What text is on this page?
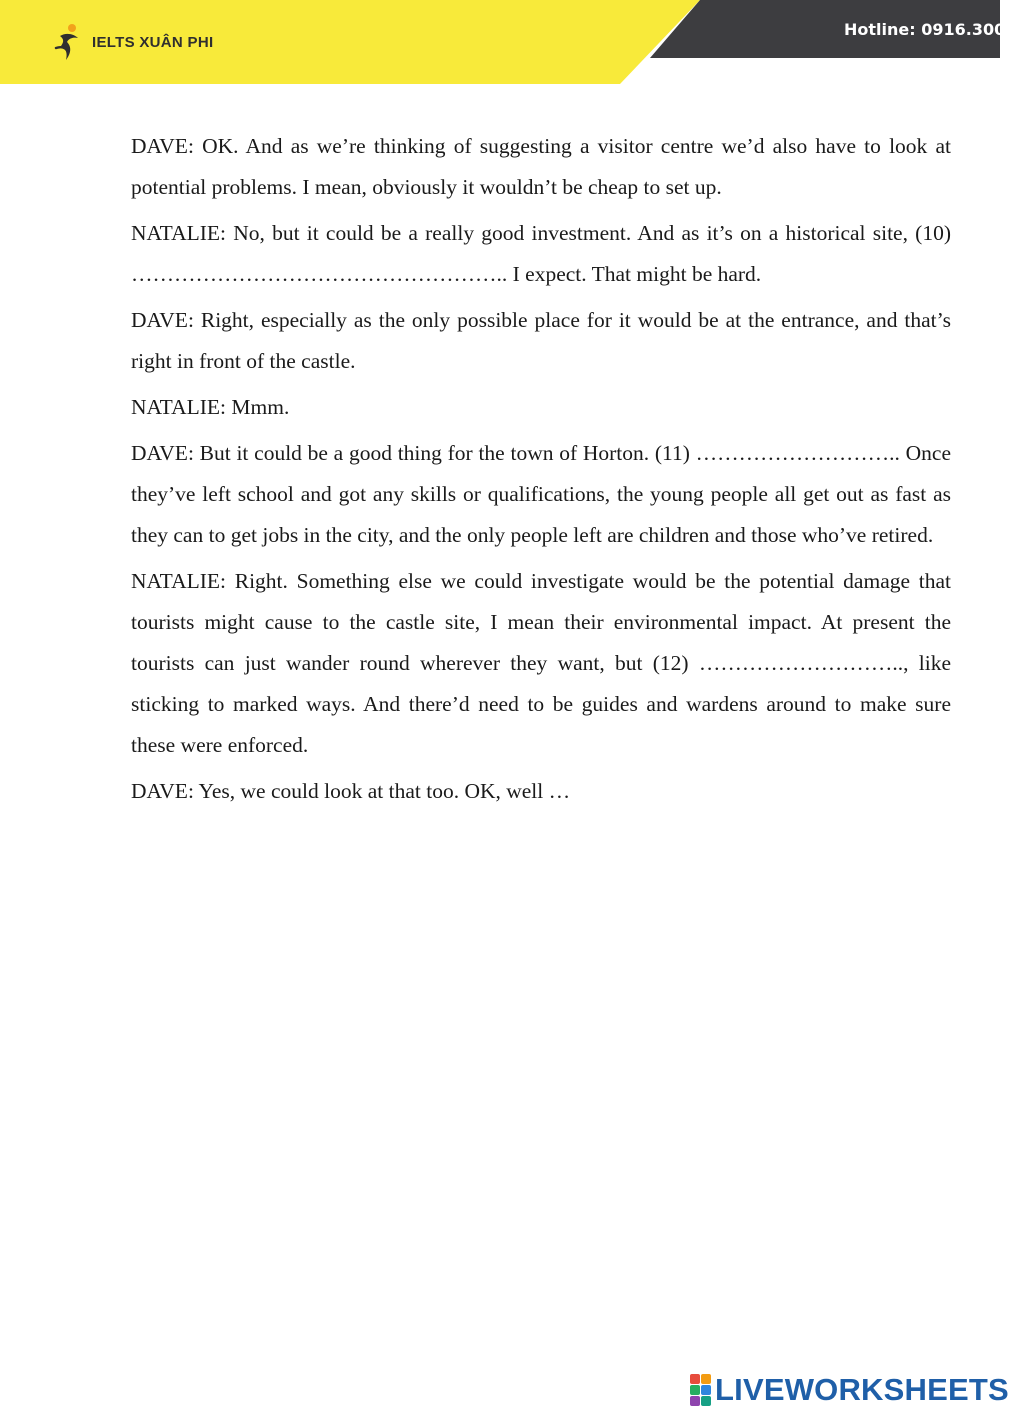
IELTS XUÂN PHI
Hotline: 0916.300.7

DAVE: OK. And as we’re thinking of suggesting a visitor centre we’d also have to look at potential problems. I mean, obviously it wouldn’t be cheap to set up.

NATALIE: No, but it could be a really good investment. And as it’s on a historical site, (10) …………………………………………….. I expect. That might be hard.

DAVE: Right, especially as the only possible place for it would be at the entrance, and that’s right in front of the castle.

NATALIE: Mmm.

DAVE: But it could be a good thing for the town of Horton. (11) ……………………….. Once they’ve left school and got any skills or qualifications, the young people all get out as fast as they can to get jobs in the city, and the only people left are children and those who’ve retired.

NATALIE: Right. Something else we could investigate would be the potential damage that tourists might cause to the castle site, I mean their environmental impact. At present the tourists can just wander round wherever they want, but (12) ……………………….., like sticking to marked ways. And there’d need to be guides and wardens around to make sure these were enforced.

DAVE: Yes, we could look at that too. OK, well …

LIVEWORKSHEETS
